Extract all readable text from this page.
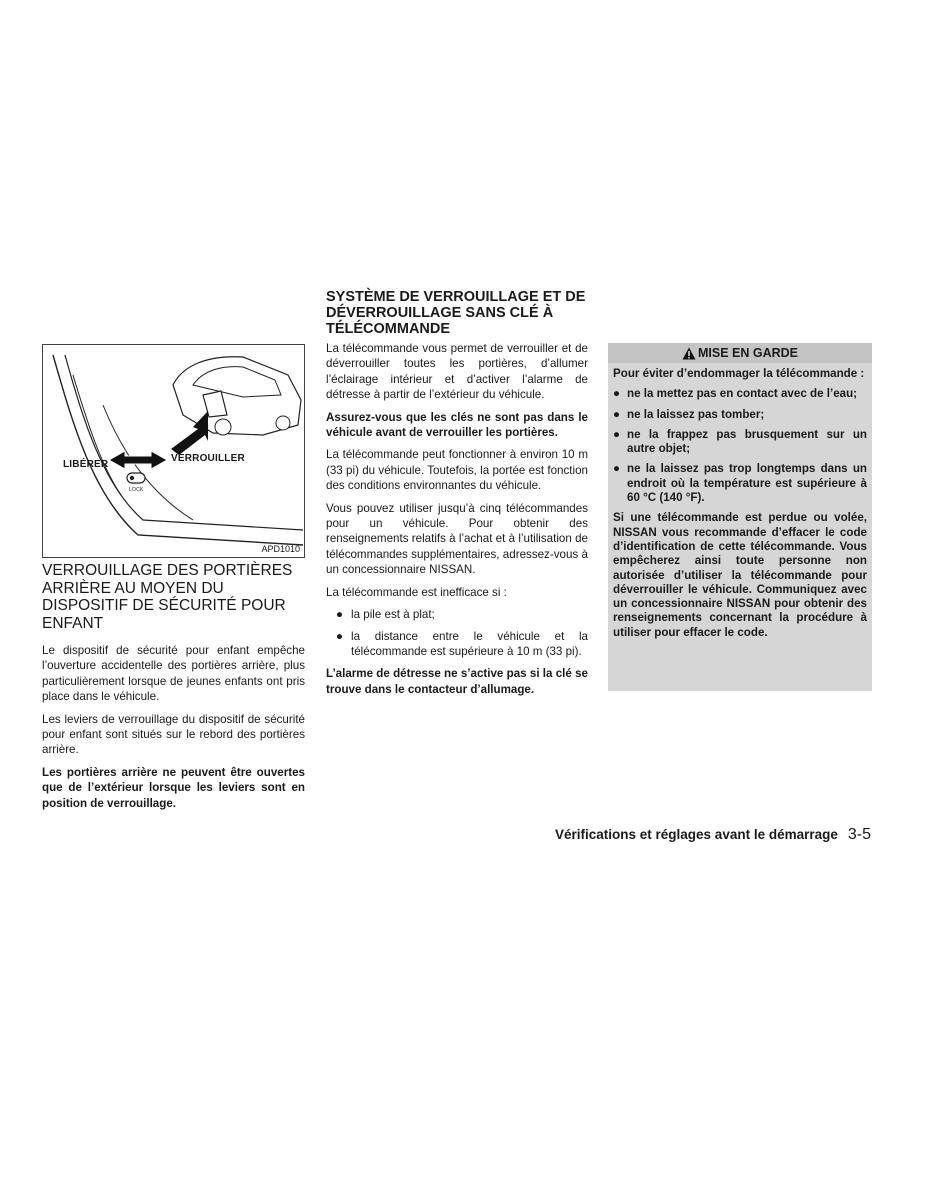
LIBÉRER
VERROUILLER
LOCK
APD1010
VERROUILLAGE DES PORTIÈRES ARRIÈRE AU MOYEN DU DISPOSITIF DE SÉCURITÉ POUR ENFANT

Le dispositif de sécurité pour enfant empêche l’ouverture accidentelle des portières arrière, plus particulièrement lorsque de jeunes enfants ont pris place dans le véhicule.

Les leviers de verrouillage du dispositif de sécurité pour enfant sont situés sur le rebord des portières arrière.

Les portières arrière ne peuvent être ouvertes que de l’extérieur lorsque les leviers sont en position de verrouillage.

SYSTÈME DE VERROUILLAGE ET DE DÉVERROUILLAGE SANS CLÉ À TÉLÉCOMMANDE

La télécommande vous permet de verrouiller et de déverrouiller toutes les portières, d’allumer l’éclairage intérieur et d’activer l’alarme de détresse à partir de l’extérieur du véhicule.

Assurez-vous que les clés ne sont pas dans le véhicule avant de verrouiller les portières.

La télécommande peut fonctionner à environ 10 m (33 pi) du véhicule. Toutefois, la portée est fonction des conditions environnantes du véhicule.

Vous pouvez utiliser jusqu’à cinq télécommandes pour un véhicule. Pour obtenir des renseignements relatifs à l’achat et à l’utilisation de télécommandes supplémentaires, adressez-vous à un concessionnaire NISSAN.

La télécommande est inefficace si :

● la pile est à plat;
● la distance entre le véhicule et la télécommande est supérieure à 10 m (33 pi).

L’alarme de détresse ne s’active pas si la clé se trouve dans le contacteur d’allumage.

MISE EN GARDE

Pour éviter d’endommager la télécommande :

● ne la mettez pas en contact avec de l’eau;
● ne la laissez pas tomber;
● ne la frappez pas brusquement sur un autre objet;
● ne la laissez pas trop longtemps dans un endroit où la température est supérieure à 60 °C (140 °F).

Si une télécommande est perdue ou volée, NISSAN vous recommande d’effacer le code d’identification de cette télécommande. Vous empêcherez ainsi toute personne non autorisée d’utiliser la télécommande pour déverrouiller le véhicule. Communiquez avec un concessionnaire NISSAN pour obtenir des renseignements concernant la procédure à utiliser pour effacer le code.

Vérifications et réglages avant le démarrage 3-5
